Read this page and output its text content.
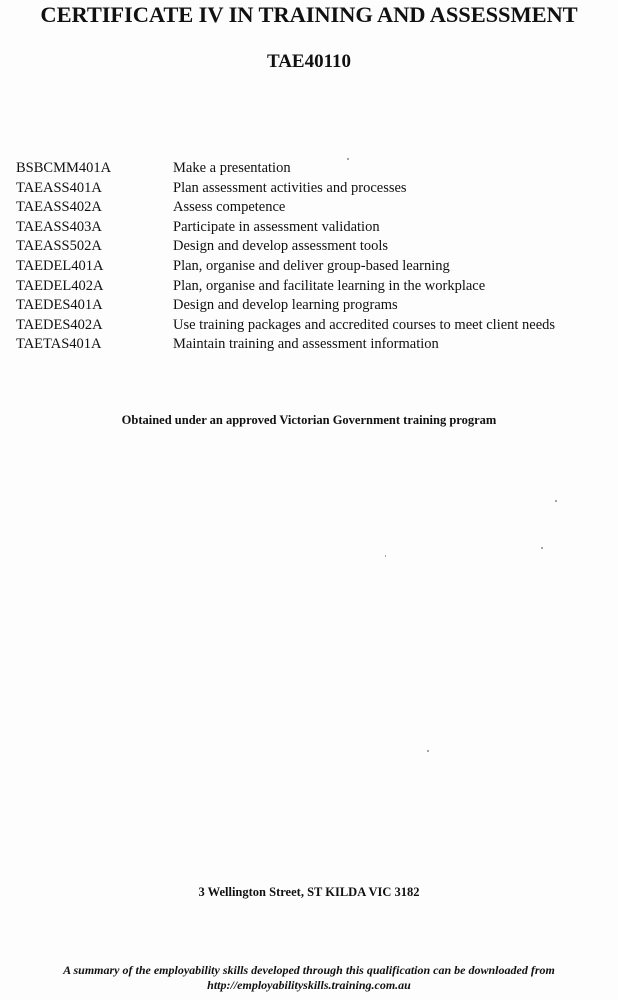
CERTIFICATE IV IN TRAINING AND ASSESSMENT
TAE40110
BSBCMM401A	Make a presentation
TAEASS401A	Plan assessment activities and processes
TAEASS402A	Assess competence
TAEASS403A	Participate in assessment validation
TAEASS502A	Design and develop assessment tools
TAEDEL401A	Plan, organise and deliver group-based learning
TAEDEL402A	Plan, organise and facilitate learning in the workplace
TAEDES401A	Design and develop learning programs
TAEDES402A	Use training packages and accredited courses to meet client needs
TAETAS401A	Maintain training and assessment information

Obtained under an approved Victorian Government training program

3 Wellington Street, ST KILDA VIC 3182

A summary of the employability skills developed through this qualification can be downloaded from
http://employabilityskills.training.com.au
